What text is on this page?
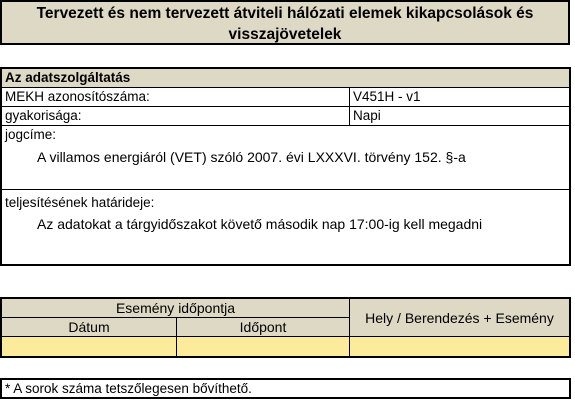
Tervezett és nem tervezett átviteli hálózati elemek kikapcsolások és
visszajövetelek
Az adatszolgáltatás
MEKH azonosítószáma:	V451H - v1
gyakorisága:	Napi
jogcíme:
A villamos energiáról (VET) szóló 2007. évi LXXXVI. törvény 152. §-a
teljesítésének határideje:
Az adatokat a tárgyidőszakot követő második nap 17:00-ig kell megadni
Esemény időpontja
Dátum	Időpont
Hely / Berendezés + Esemény
* A sorok száma tetszőlegesen bővíthető.
